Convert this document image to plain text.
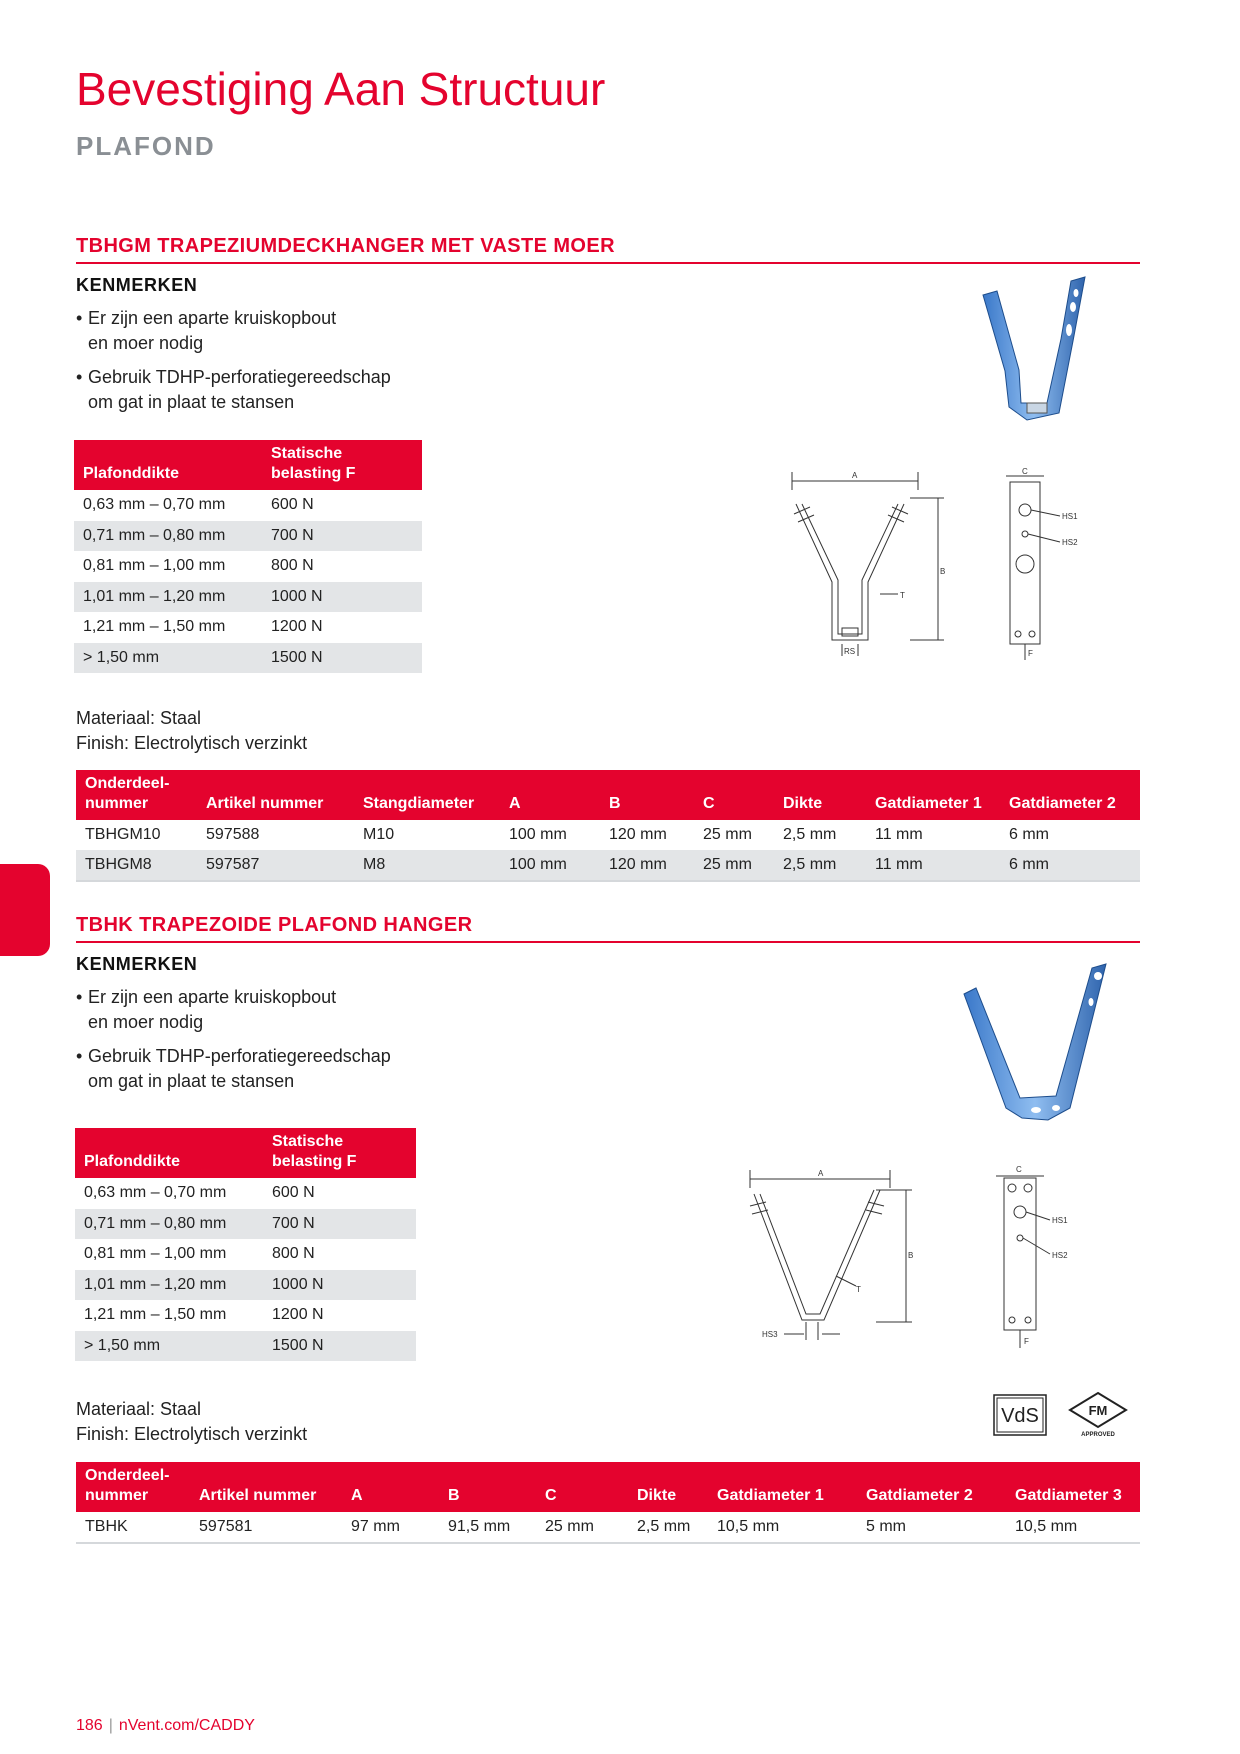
Bevestiging Aan Structuur
PLAFOND
TBHGM TRAPEZIUMDECKHANGER MET VASTE MOER
KENMERKEN
• Er zijn een aparte kruiskopbout
en moer nodig
• Gebruik TDHP-perforatiegereedschap
om gat in plaat te stansen
Plafonddikte	Statische belasting F
0,63 mm – 0,70 mm	600 N
0,71 mm – 0,80 mm	700 N
0,81 mm – 1,00 mm	800 N
1,01 mm – 1,20 mm	1000 N
1,21 mm – 1,50 mm	1200 N
> 1,50 mm	1500 N
Materiaal: Staal
Finish: Electrolytisch verzinkt
A
B
T
RS
C
HS1
HS2
F
Onderdeel-nummer	Artikel nummer	Stangdiameter	A	B	C	Dikte	Gatdiameter 1	Gatdiameter 2
TBHGM10	597588	M10	100 mm	120 mm	25 mm	2,5 mm	11 mm	6 mm
TBHGM8	597587	M8	100 mm	120 mm	25 mm	2,5 mm	11 mm	6 mm
TBHK TRAPEZOIDE PLAFOND HANGER
KENMERKEN
• Er zijn een aparte kruiskopbout
en moer nodig
• Gebruik TDHP-perforatiegereedschap
om gat in plaat te stansen
Plafonddikte	Statische belasting F
0,63 mm – 0,70 mm	600 N
0,71 mm – 0,80 mm	700 N
0,81 mm – 1,00 mm	800 N
1,01 mm – 1,20 mm	1000 N
1,21 mm – 1,50 mm	1200 N
> 1,50 mm	1500 N
Materiaal: Staal
Finish: Electrolytisch verzinkt
A
B
T
HS3
C
HS1
HS2
F
VdS	FM
APPROVED
Onderdeel-nummer	Artikel nummer	A	B	C	Dikte	Gatdiameter 1	Gatdiameter 2	Gatdiameter 3
TBHK	597581	97 mm	91,5 mm	25 mm	2,5 mm	10,5 mm	5 mm	10,5 mm
186 | nVent.com/CADDY
